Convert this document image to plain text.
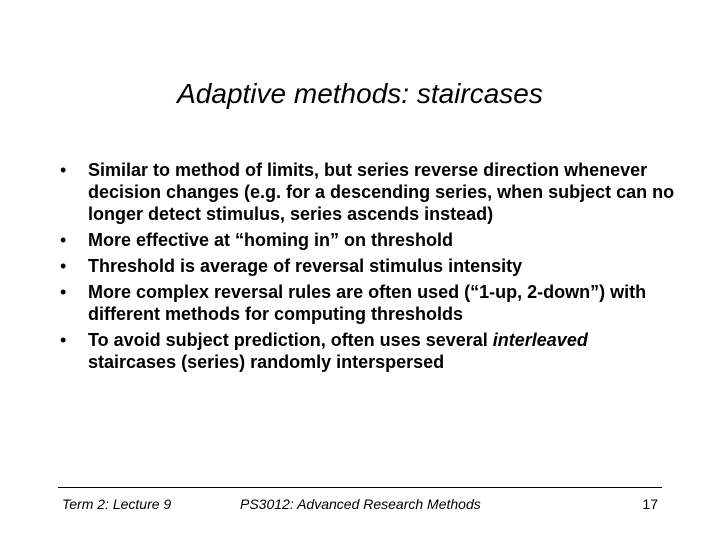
Adaptive methods: staircases
• Similar to method of limits, but series reverse direction whenever decision changes (e.g. for a descending series, when subject can no longer detect stimulus, series ascends instead)
• More effective at “homing in” on threshold
• Threshold is average of reversal stimulus intensity
• More complex reversal rules are often used (“1-up, 2-down”) with different methods for computing thresholds
• To avoid subject prediction, often uses several interleaved staircases (series) randomly interspersed
Term 2: Lecture 9	PS3012: Advanced Research Methods	17
